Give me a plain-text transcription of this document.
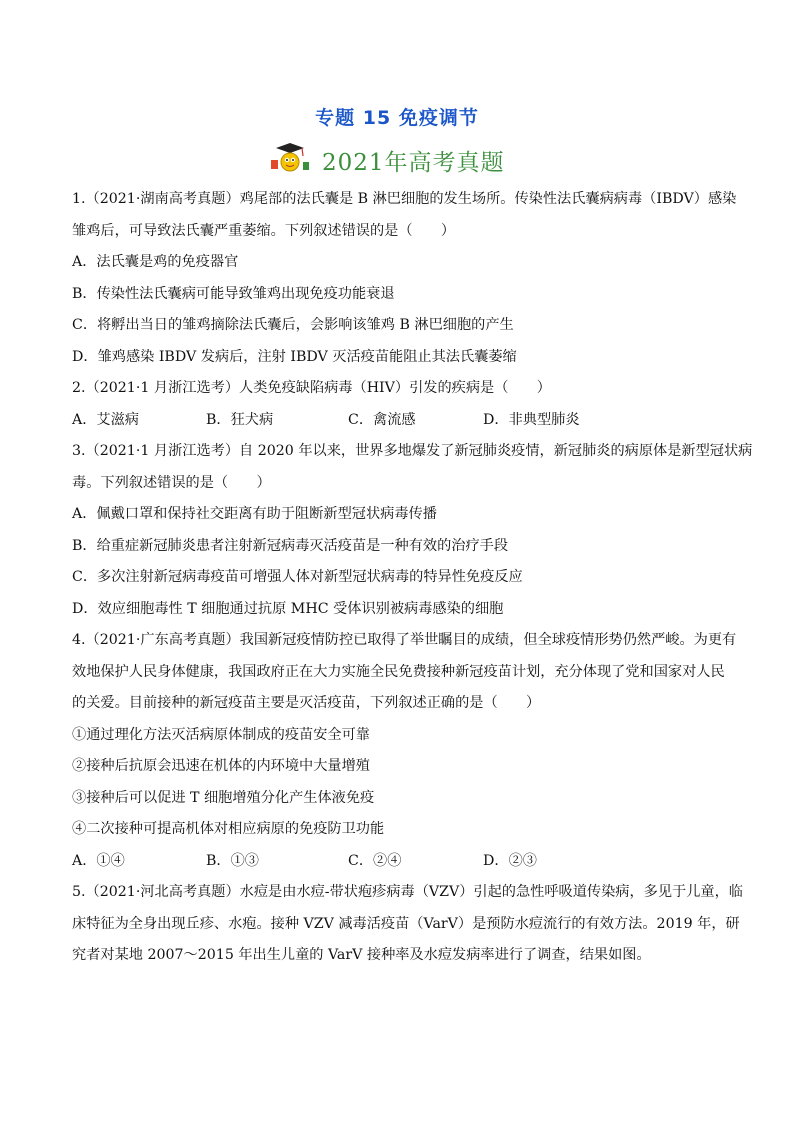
专题 15 免疫调节
2021年高考真题
1.（2021·湖南高考真题）鸡尾部的法氏囊是 B 淋巴细胞的发生场所。传染性法氏囊病病毒（IBDV）感染
雏鸡后，可导致法氏囊严重萎缩。下列叙述错误的是（　　）
A．法氏囊是鸡的免疫器官
B．传染性法氏囊病可能导致雏鸡出现免疫功能衰退
C．将孵出当日的雏鸡摘除法氏囊后，会影响该雏鸡 B 淋巴细胞的产生
D．雏鸡感染 IBDV 发病后，注射 IBDV 灭活疫苗能阻止其法氏囊萎缩
2.（2021·1 月浙江选考）人类免疫缺陷病毒（HIV）引发的疾病是（　　）
A．艾滋病	B．狂犬病	C．禽流感	D．非典型肺炎
3.（2021·1 月浙江选考）自 2020 年以来，世界多地爆发了新冠肺炎疫情，新冠肺炎的病原体是新型冠状病
毒。下列叙述错误的是（　　）
A．佩戴口罩和保持社交距离有助于阻断新型冠状病毒传播
B．给重症新冠肺炎患者注射新冠病毒灭活疫苗是一种有效的治疗手段
C．多次注射新冠病毒疫苗可增强人体对新型冠状病毒的特异性免疫反应
D．效应细胞毒性 T 细胞通过抗原 MHC 受体识别被病毒感染的细胞
4.（2021·广东高考真题）我国新冠疫情防控已取得了举世瞩目的成绩，但全球疫情形势仍然严峻。为更有
效地保护人民身体健康，我国政府正在大力实施全民免费接种新冠疫苗计划，充分体现了党和国家对人民
的关爱。目前接种的新冠疫苗主要是灭活疫苗，下列叙述正确的是（　　）
①通过理化方法灭活病原体制成的疫苗安全可靠
②接种后抗原会迅速在机体的内环境中大量增殖
③接种后可以促进 T 细胞增殖分化产生体液免疫
④二次接种可提高机体对相应病原的免疫防卫功能
A．①④	B．①③	C．②④	D．②③
5.（2021·河北高考真题）水痘是由水痘-带状疱疹病毒（VZV）引起的急性呼吸道传染病，多见于儿童，临
床特征为全身出现丘疹、水疱。接种 VZV 减毒活疫苗（VarV）是预防水痘流行的有效方法。2019 年，研
究者对某地 2007～2015 年出生儿童的 VarV 接种率及水痘发病率进行了调查，结果如图。
